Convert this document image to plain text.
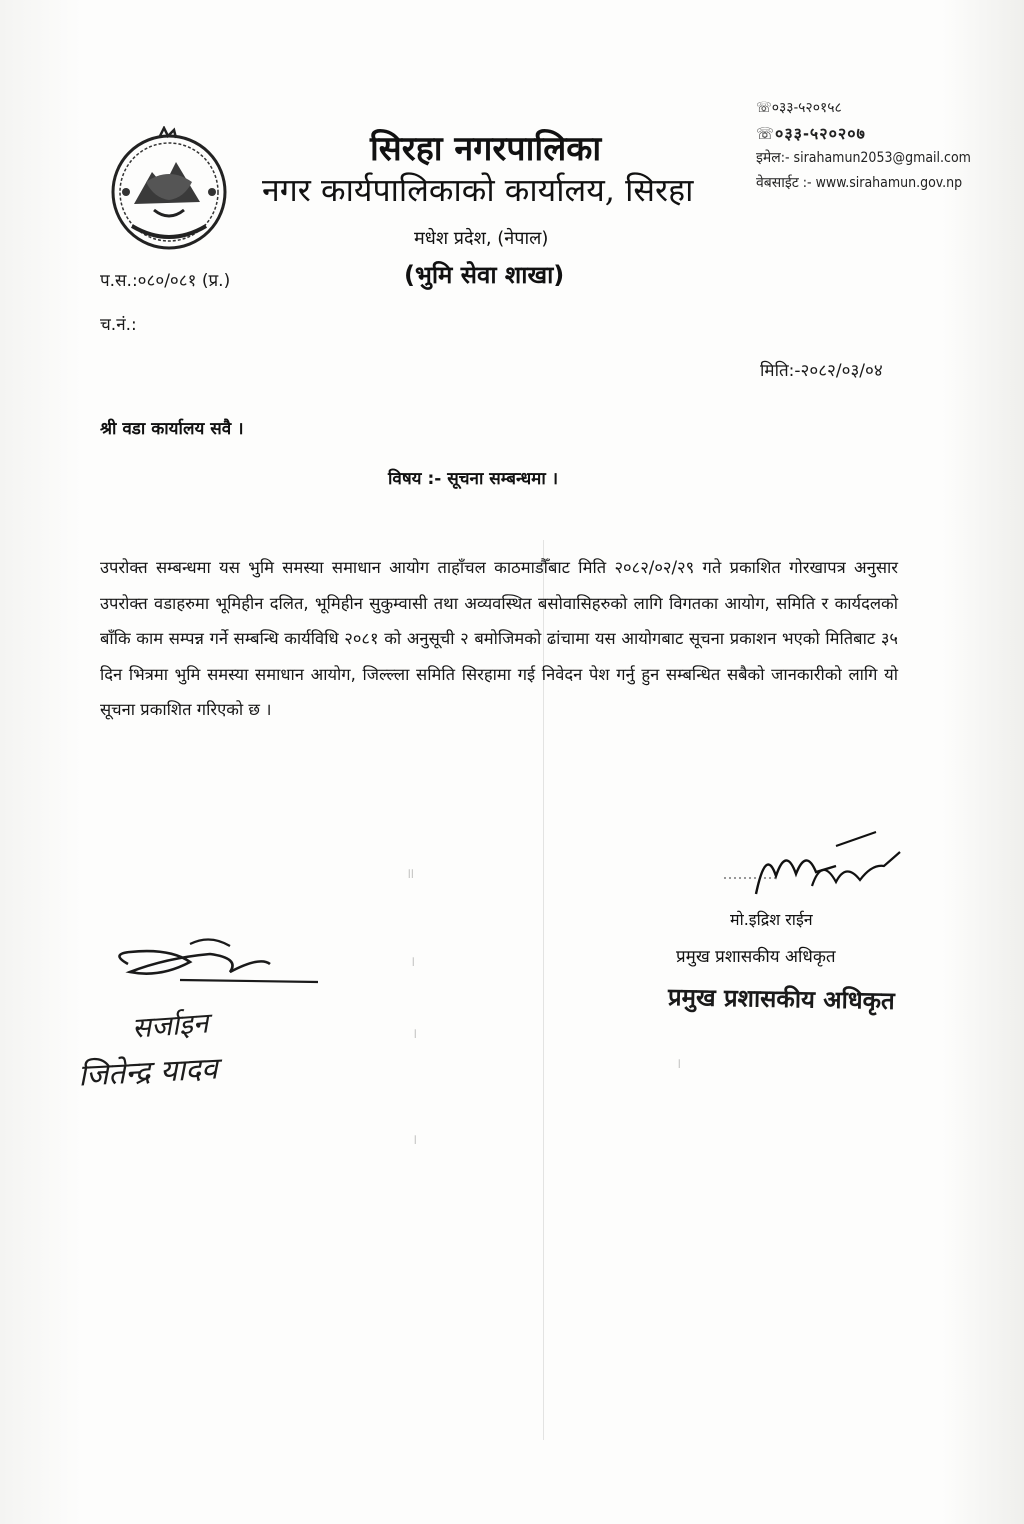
☏०३३-५२०१५८
☏०३३-५२०२०७
इमेल:- sirahamun2053@gmail.com
वेबसाईट :- www.sirahamun.gov.np
सिरहा नगरपालिका
नगर कार्यपालिकाको कार्यालय, सिरहा
मधेश प्रदेश, (नेपाल)
(भुमि सेवा शाखा)
प.स.:०८०/०८१ (प्र.)
च.नं.:
मिति:-२०८२/०३/०४
श्री वडा कार्यालय सवै ।
विषय :- सूचना सम्बन्धमा ।
उपरोक्त सम्बन्धमा यस भुमि समस्या समाधान आयोग ताहाँचल काठमाडौँबाट मिति २०८२/०२/२९ गते प्रकाशित गोरखापत्र अनुसार उपरोक्त वडाहरुमा भूमिहीन दलित, भूमिहीन सुकुम्वासी तथा अव्यवस्थित बसोवासिहरुको लागि विगतका आयोग, समिति र कार्यदलको बाँकि काम सम्पन्न गर्ने सम्बन्धि कार्यविधि २०८१ को अनुसूची २ बमोजिमको ढांचामा यस आयोगबाट सूचना प्रकाशन भएको मितिबाट ३५ दिन भित्रमा भुमि समस्या समाधान आयोग, जिल्ल्ला समिति सिरहामा गई निवेदन पेश गर्नु हुन सम्बन्धित सबैको जानकारीको लागि यो सूचना प्रकाशित गरिएको छ ।
मो.इद्रिश राईन
प्रमुख प्रशासकीय अधिकृत
प्रमुख प्रशासकीय अधिकृत
सर्जाइन
जितेन्द्र यादव
॥
।
।
।
।
